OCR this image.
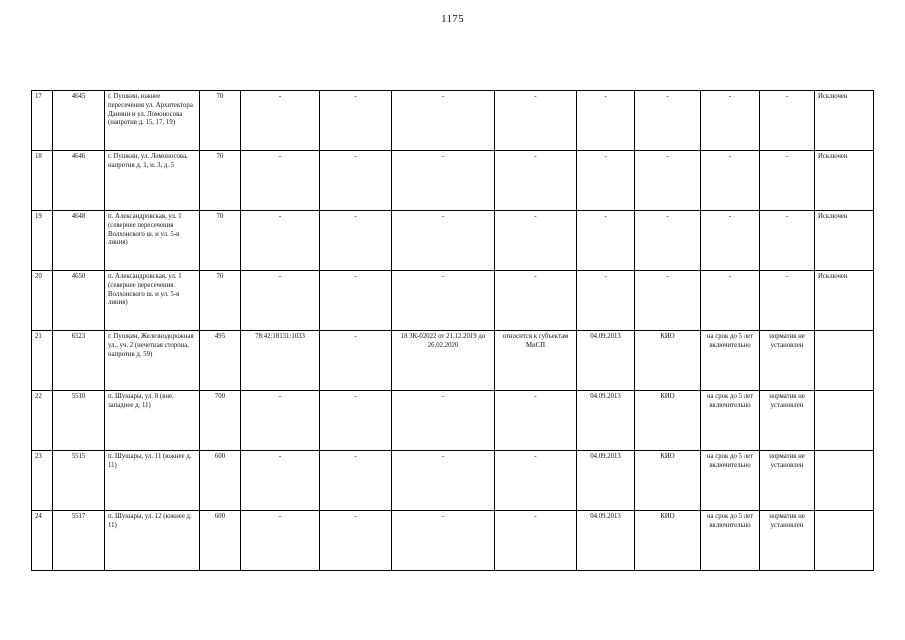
1175
17	4645	г. Пушкин, южнее пересечения ул. Архитектора Данини и ул. Ломоносова (напротив д. 15, 17, 19)	70	-	-	-	-	-	-	-	-	Исключен
18	4646	г. Пушкин, ул. Ломоносова, напротив д. 1, и. 3, д. 5	70	-	-	-	-	-	-	-	-	Исключен
19	4648	п. Александровская, ул. 1 (севернее пересечения Волхонского ш. и ул. 5-я линия)	70	-	-	-	-	-	-	-	-	Исключен
20	4650	п. Александровская, ул. 1 (севернее пересечения Волхонского ш. и ул. 5-я линия)	70	-	-	-	-	-	-	-	-	Исключен
21	6523	г. Пушкин, Железнодорожная ул., уч. 2 (нечетная сторона, напротив д. 59)	495	78:42:18131:1033	-	18 ЗК-02022 от 21.12.2019 до 26.02.2020	относится к субъектам МиСП	04.09.2013	КИО	на срок до 5 лет включительно	норматив не установлен	
22	5510	п. Шушары, ул. 8 (вне. западнее д. 11)	700	-	-	-	-	04.09.2013	КИО	на срок до 5 лет включительно	норматив не установлен	
23	5515	п. Шушары, ул. 11 (южнее д. 11)	600	-	-	-	-	04.09.2013	КИО	на срок до 5 лет включительно	норматив не установлен	
24	5517	п. Шушары, ул. 12 (южнее д. 11)	600	-	-	-	-	04.09.2013	КИО	на срок до 5 лет включительно	норматив не установлен	
